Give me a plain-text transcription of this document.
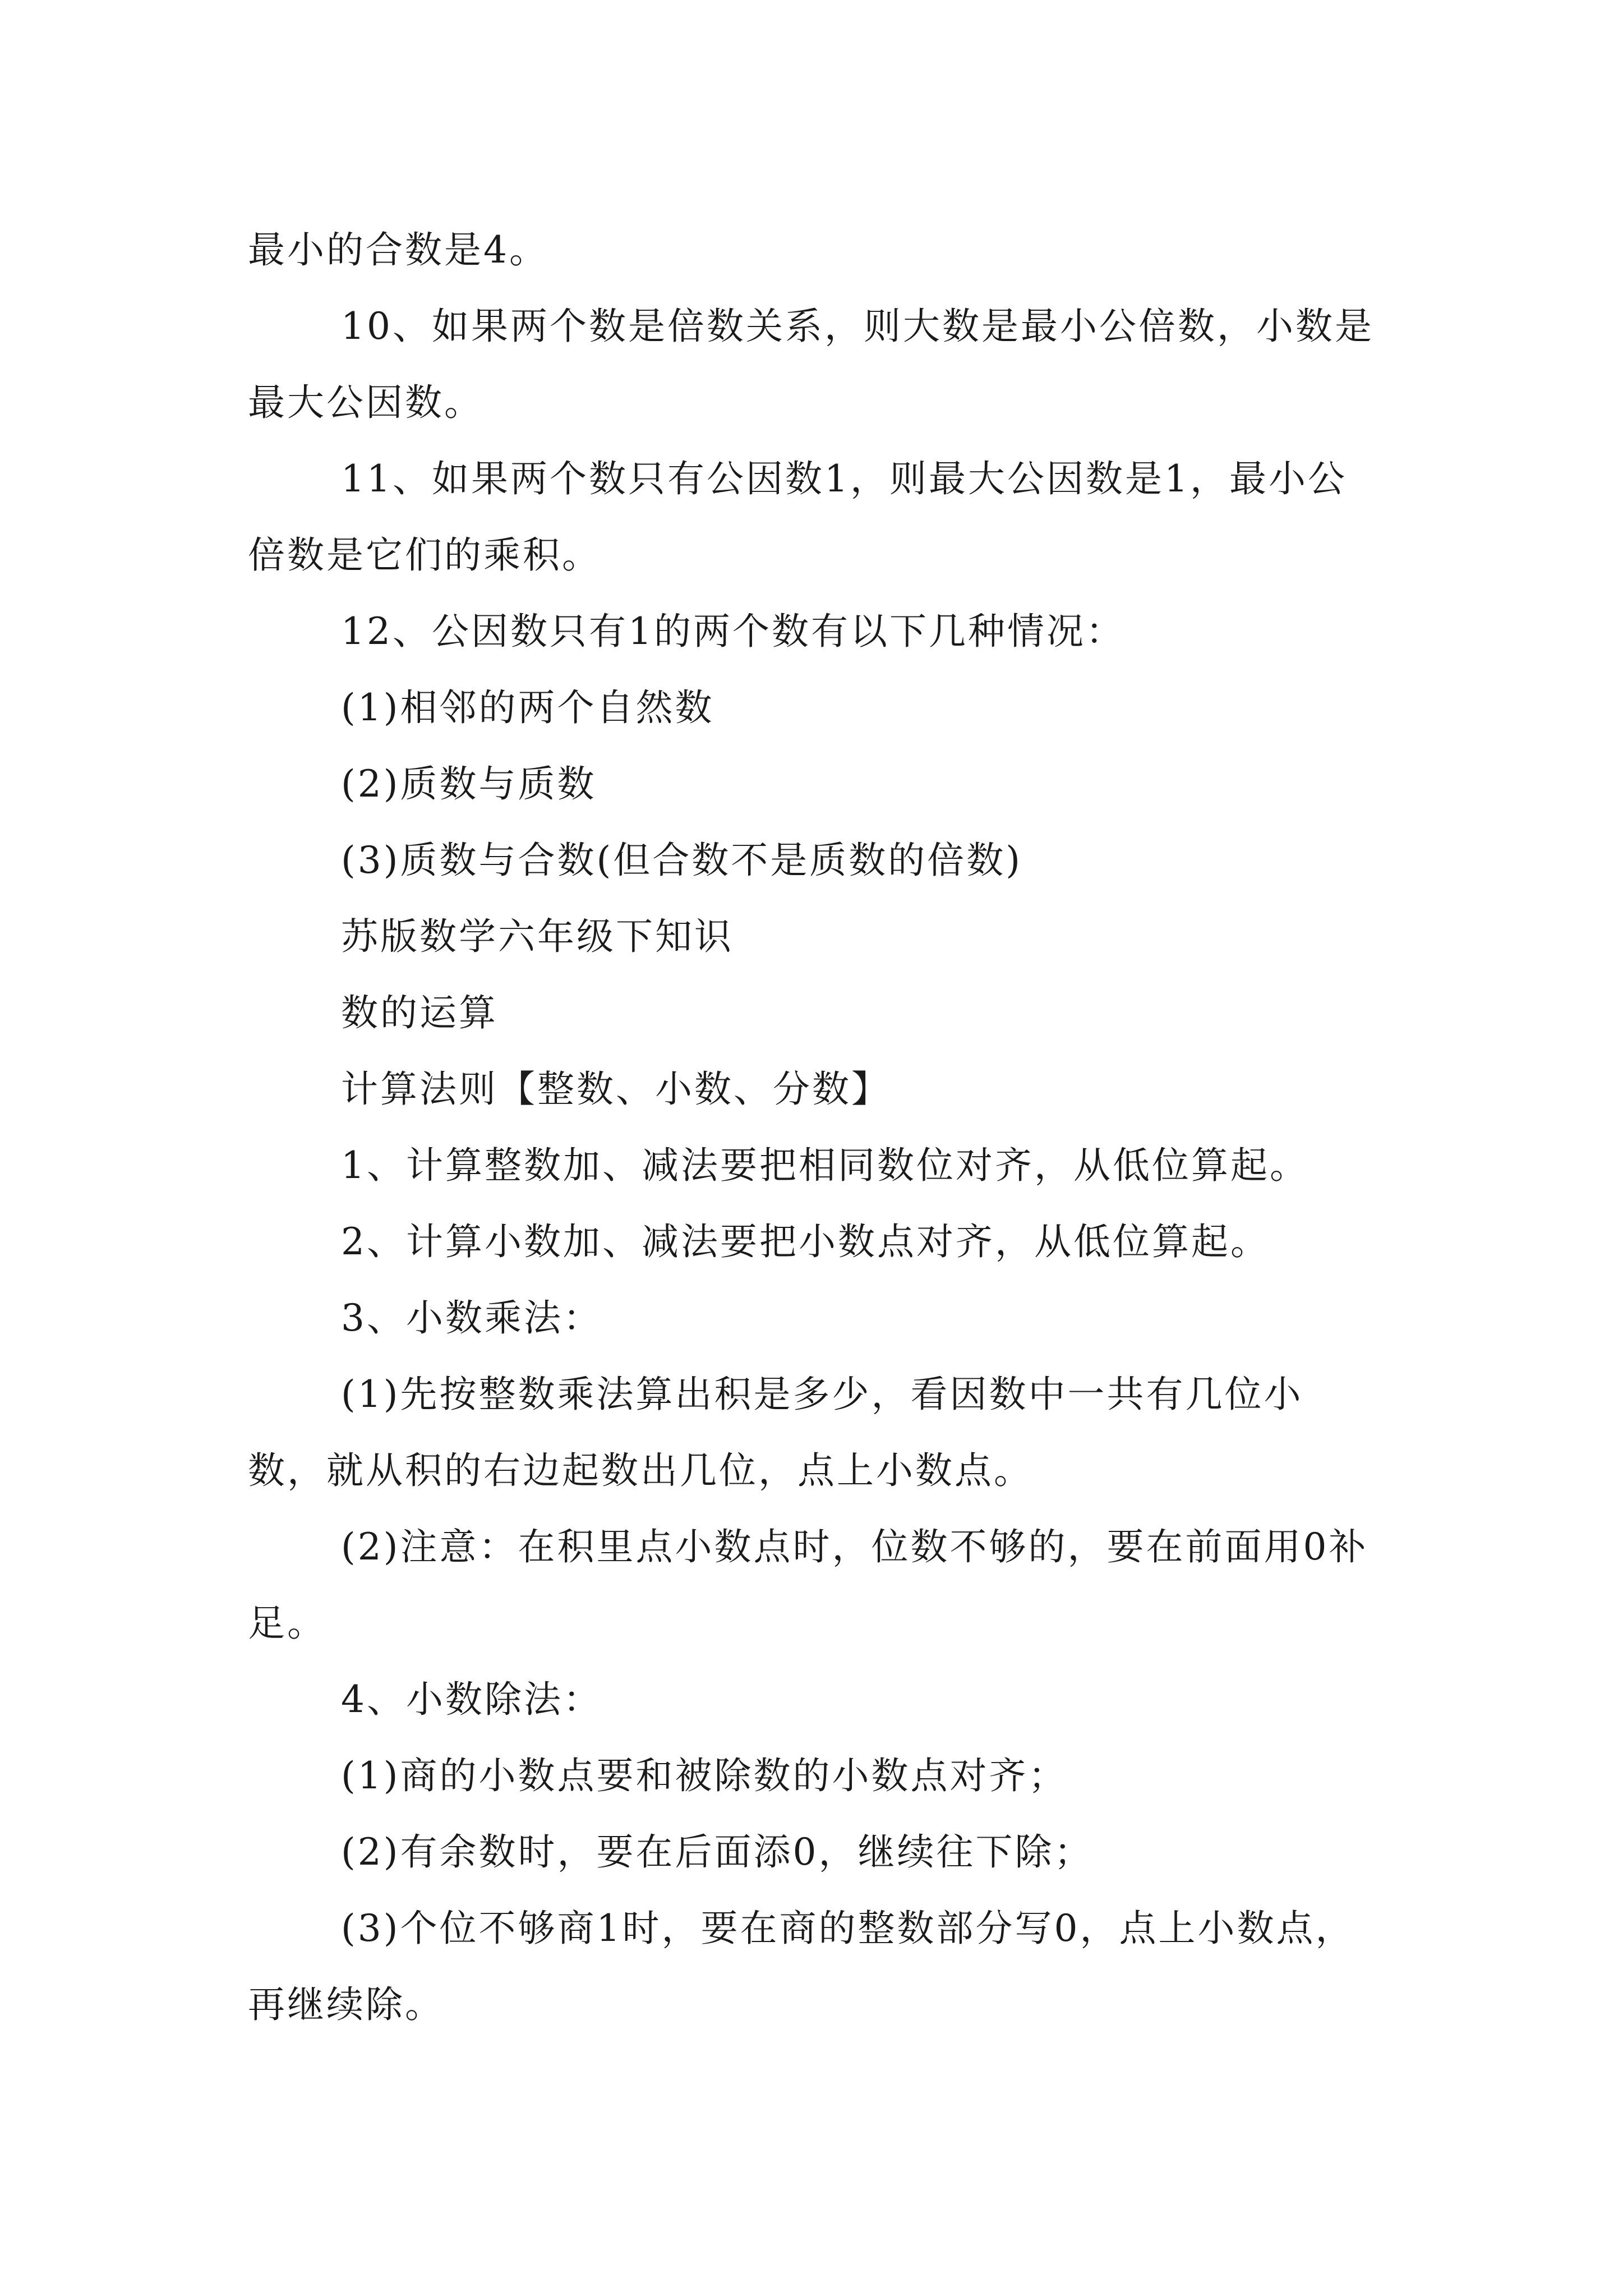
最小的合数是4。

10、如果两个数是倍数关系，则大数是最小公倍数，小数是最大公因数。

11、如果两个数只有公因数1，则最大公因数是1，最小公倍数是它们的乘积。

12、公因数只有1的两个数有以下几种情况：

(1)相邻的两个自然数

(2)质数与质数

(3)质数与合数(但合数不是质数的倍数)

苏版数学六年级下知识

数的运算

计算法则【整数、小数、分数】

1、计算整数加、减法要把相同数位对齐，从低位算起。

2、计算小数加、减法要把小数点对齐，从低位算起。

3、小数乘法：

(1)先按整数乘法算出积是多少，看因数中一共有几位小数，就从积的右边起数出几位，点上小数点。

(2)注意：在积里点小数点时，位数不够的，要在前面用0补足。

4、小数除法：

(1)商的小数点要和被除数的小数点对齐；

(2)有余数时，要在后面添0，继续往下除；

(3)个位不够商1时，要在商的整数部分写0，点上小数点，再继续除。
